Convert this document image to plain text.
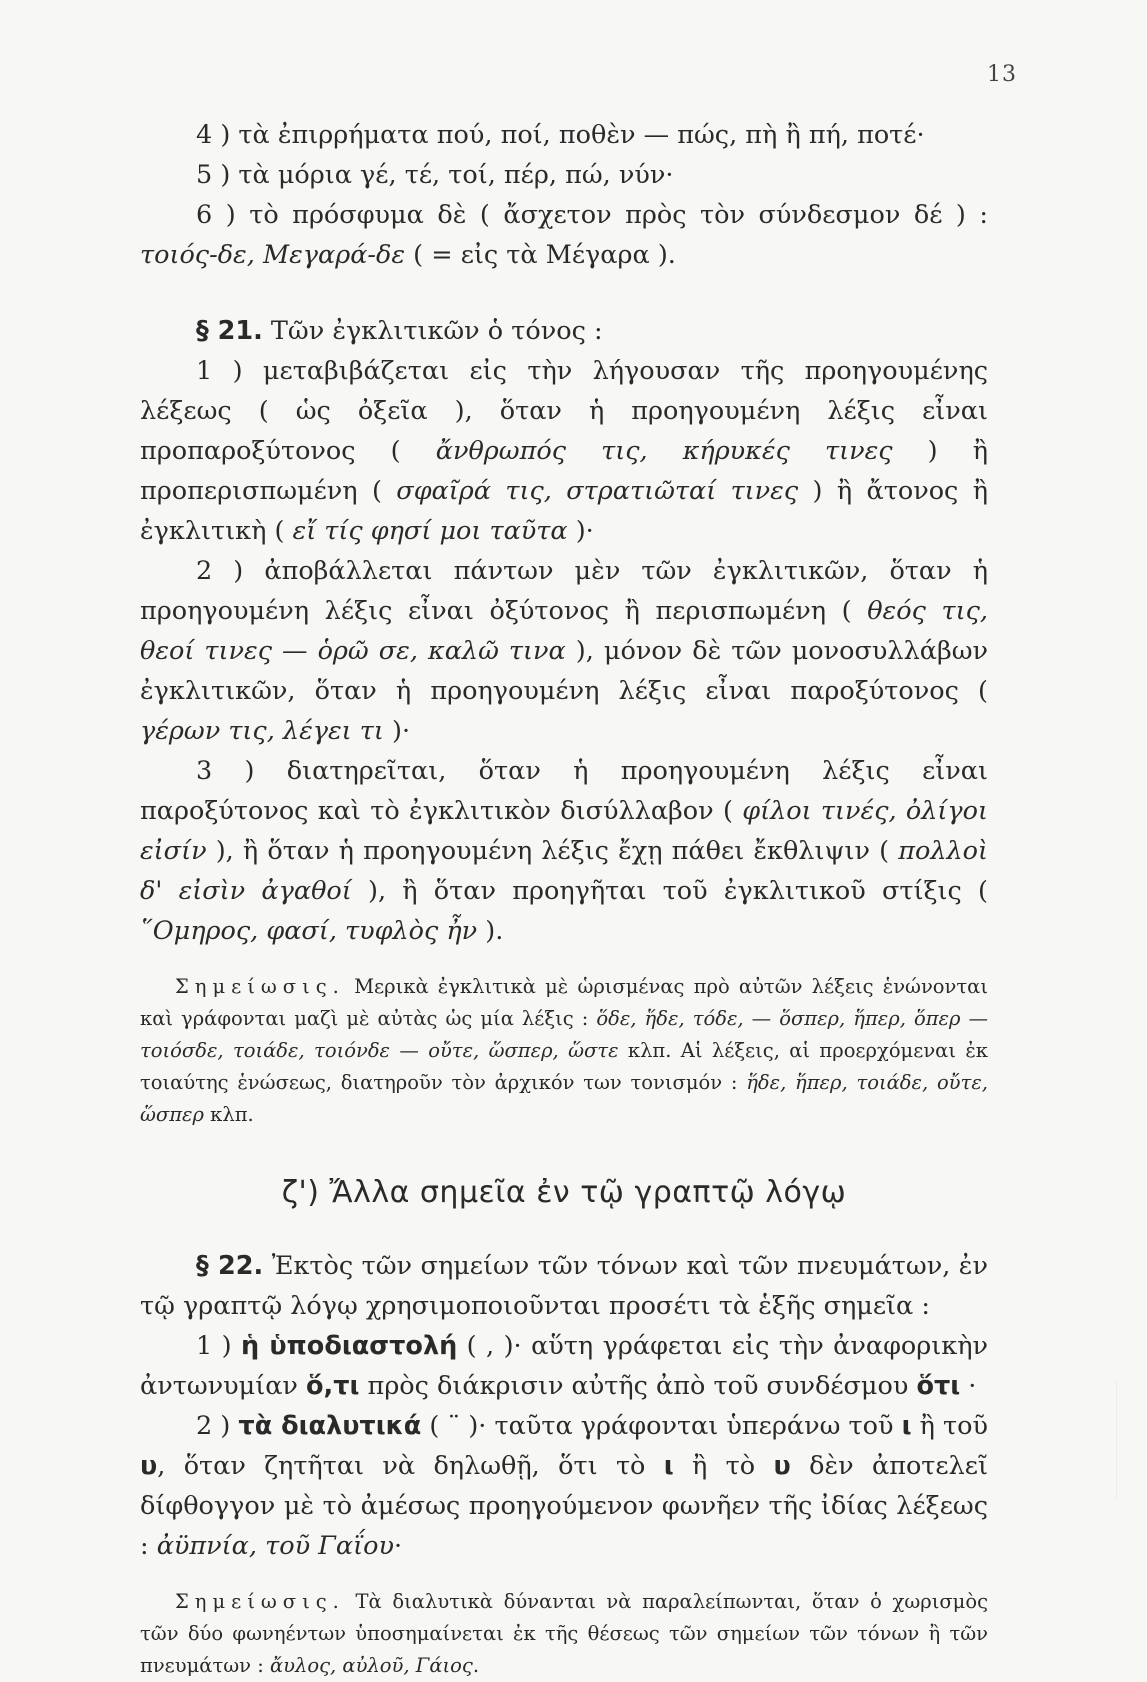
13

4 ) τὰ ἐπιρρήματα πού, ποί, ποθὲν — πώς, πὴ ἢ πή, ποτέ·

5 ) τὰ μόρια γέ, τέ, τοί, πέρ, πώ, νύν·

6 ) τὸ πρόσφυμα δὲ ( ἄσχετον πρὸς τὸν σύνδεσμον δέ ) : τοιός-δε, Μεγαρά-δε ( = εἰς τὰ Μέγαρα ).

§ 21. Τῶν ἐγκλιτικῶν ὁ τόνος :

1 ) μεταβιβάζεται εἰς τὴν λήγουσαν τῆς προηγουμένης λέξεως ( ὡς ὀξεῖα ), ὅταν ἡ προηγουμένη λέξις εἶναι προπαροξύτονος ( ἄνθρωπός τις, κήρυκές τινες ) ἢ προπερισπωμένη ( σφαῖρά τις, στρατιῶταί τινες ) ἢ ἄτονος ἢ ἐγκλιτικὴ ( εἴ τίς φησί μοι ταῦτα )·

2 ) ἀποβάλλεται πάντων μὲν τῶν ἐγκλιτικῶν, ὅταν ἡ προηγουμένη λέξις εἶναι ὀξύτονος ἢ περισπωμένη ( θεός τις, θεοί τινες — ὁρῶ σε, καλῶ τινα ), μόνον δὲ τῶν μονοσυλλάβων ἐγκλιτικῶν, ὅταν ἡ προηγουμένη λέξις εἶναι παροξύτονος ( γέρων τις, λέγει τι )·

3 ) διατηρεῖται, ὅταν ἡ προηγουμένη λέξις εἶναι παροξύτονος καὶ τὸ ἐγκλιτικὸν δισύλλαβον ( φίλοι τινές, ὀλίγοι εἰσίν ), ἢ ὅταν ἡ προηγουμένη λέξις ἔχῃ πάθει ἔκθλιψιν ( πολλοὶ δ' εἰσὶν ἀγαθοί ), ἢ ὅταν προηγῆται τοῦ ἐγκλιτικοῦ στίξις ( ῞Ομηρος, φασί, τυφλὸς ἦν ).

Σημείωσις. Μερικὰ ἐγκλιτικὰ μὲ ὡρισμένας πρὸ αὐτῶν λέξεις ἑνώνονται καὶ γράφονται μαζὶ μὲ αὐτὰς ὡς μία λέξις : ὅδε, ἥδε, τόδε, — ὅσπερ, ἥπερ, ὅπερ — τοιόσδε, τοιάδε, τοιόνδε — οὔτε, ὥσπερ, ὥστε κλπ. Αἱ λέξεις, αἱ προερχόμεναι ἐκ τοιαύτης ἑνώσεως, διατηροῦν τὸν ἀρχικόν των τονισμόν : ἥδε, ἥπερ, τοιάδε, οὔτε, ὥσπερ κλπ.

ζ') Ἄλλα σημεῖα ἐν τῷ γραπτῷ λόγῳ

§ 22. Ἐκτὸς τῶν σημείων τῶν τόνων καὶ τῶν πνευμάτων, ἐν τῷ γραπτῷ λόγῳ χρησιμοποιοῦνται προσέτι τὰ ἑξῆς σημεῖα :

1 ) ἡ ὑποδιαστολή ( , )· αὕτη γράφεται εἰς τὴν ἀναφορικὴν ἀντωνυμίαν ὅ,τι πρὸς διάκρισιν αὐτῆς ἀπὸ τοῦ συνδέσμου ὅτι ·

2 ) τὰ διαλυτικά ( ¨ )· ταῦτα γράφονται ὑπεράνω τοῦ ι ἢ τοῦ υ, ὅταν ζητῆται νὰ δηλωθῇ, ὅτι τὸ ι ἢ τὸ υ δὲν ἀποτελεῖ δίφθογγον μὲ τὸ ἀμέσως προηγούμενον φωνῆεν τῆς ἰδίας λέξεως : ἀϋπνία, τοῦ Γαΐου·

Σημείωσις. Τὰ διαλυτικὰ δύνανται νὰ παραλείπωνται, ὅταν ὁ χωρισμὸς τῶν δύο φωνηέντων ὑποσημαίνεται ἐκ τῆς θέσεως τῶν σημείων τῶν τόνων ἢ τῶν πνευμάτων : ἄυλος, αὐλοῦ, Γάιος.
